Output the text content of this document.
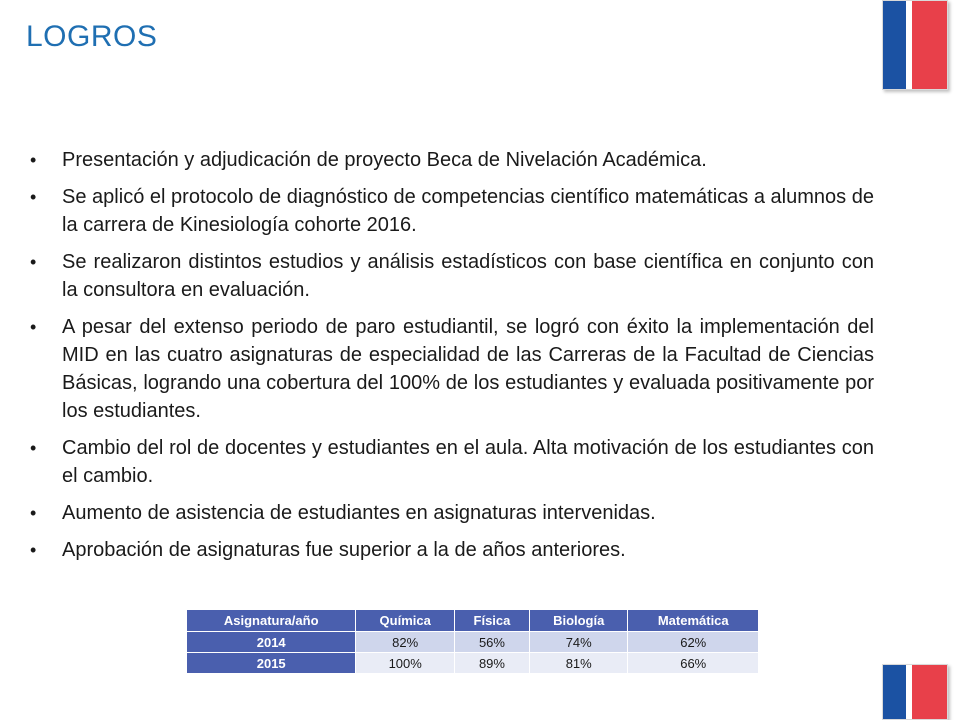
LOGROS
• Presentación y adjudicación de proyecto Beca de Nivelación Académica.
• Se aplicó el protocolo de diagnóstico de competencias científico matemáticas a alumnos de la carrera de Kinesiología cohorte 2016.
• Se realizaron distintos estudios y análisis estadísticos con base científica en conjunto con la consultora en evaluación.
• A pesar del extenso periodo de paro estudiantil, se logró con éxito la implementación del MID en las cuatro asignaturas de especialidad de las Carreras de la Facultad de Ciencias Básicas, logrando una cobertura del 100% de los estudiantes y evaluada positivamente por los estudiantes.
• Cambio del rol de docentes y estudiantes en el aula. Alta motivación de los estudiantes con el cambio.
• Aumento de asistencia de estudiantes en asignaturas intervenidas.
• Aprobación de asignaturas fue superior a la de años anteriores.
Asignatura/año	Química	Física	Biología	Matemática
2014	82%	56%	74%	62%
2015	100%	89%	81%	66%
